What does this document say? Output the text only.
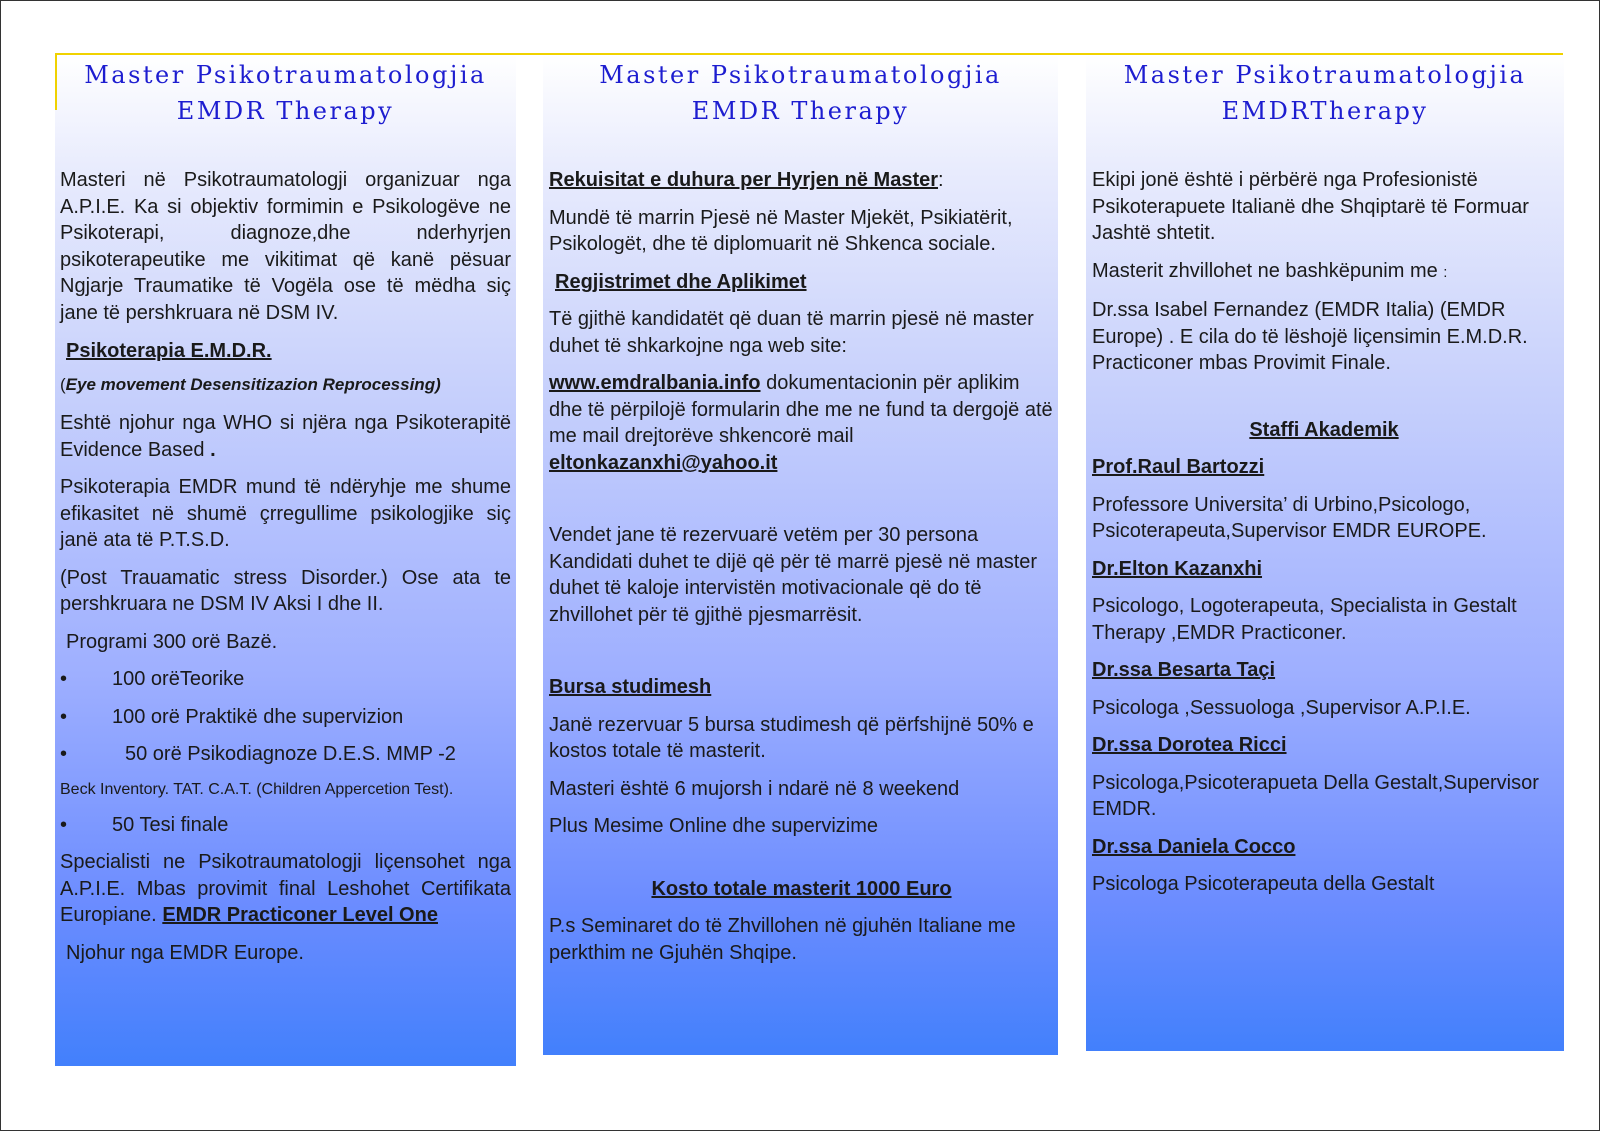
Master Psikotraumatologjia
EMDR Therapy

Masteri në Psikotraumatologji organizuar nga A.P.I.E. Ka si objektiv formimin e Psikologëve ne Psikoterapi, diagnoze,dhe nderhyrjen psikoterapeutike me vikitimat që kanë pësuar Ngjarje Traumatike të Vogëla ose të mëdha siç jane të pershkruara në DSM IV.

Psikoterapia E.M.D.R.

(Eye movement Desensitizazion Reprocessing)

Eshtë njohur nga WHO si njëra nga Psikoterapitë Evidence Based .

Psikoterapia EMDR mund të ndëryhje me shume efikasitet në shumë çrregullime psikologjike siç janë ata të P.T.S.D.

(Post Trauamatic stress Disorder.) Ose ata te pershkruara ne DSM IV Aksi I dhe II.

Programi 300 orë Bazë.

•	100 orëTeorike
•	100 orë Praktikë dhe supervizion
•	50 orë Psikodiagnoze D.E.S. MMP -2

Beck Inventory. TAT. C.A.T. (Children Appercetion Test).

•	50 Tesi finale

Specialisti ne Psikotraumatologji liçensohet nga A.P.I.E. Mbas provimit final Leshohet Certifikata Europiane. EMDR Practiconer Level One

Njohur nga EMDR Europe.

Master Psikotraumatologjia
EMDR Therapy

Rekuisitat e duhura per Hyrjen në Master:

Mundë të marrin Pjesë në Master Mjekët, Psikiatërit, Psikologët, dhe të diplomuarit në Shkenca sociale.

Regjistrimet dhe Aplikimet

Të gjithë kandidatët që duan të marrin pjesë në master duhet të shkarkojne nga web site:

www.emdralbania.info dokumentacionin për aplikim dhe të përpilojë formularin dhe me ne fund ta dergojë atë me mail drejtorëve shkencorë mail eltonkazanxhi@yahoo.it

Vendet jane të rezervuarë vetëm per 30 persona Kandidati duhet te dijë që për të marrë pjesë në master duhet të kaloje intervistën motivacionale që do të zhvillohet për të gjithë pjesmarrësit.

Bursa studimesh

Janë rezervuar 5 bursa studimesh që përfshijnë 50% e kostos totale të masterit.

Masteri është 6 mujorsh i ndarë në 8 weekend

Plus Mesime Online dhe supervizime

Kosto totale masterit 1000 Euro

P.s Seminaret do të Zhvillohen në gjuhën Italiane me perkthim ne Gjuhën Shqipe.

Master Psikotraumatologjia
EMDRTherapy

Ekipi jonë është i përbërë nga Profesionistë Psikoterapuete Italianë dhe Shqiptarë të Formuar Jashtë shtetit.

Masterit zhvillohet ne bashkëpunim me :

Dr.ssa Isabel Fernandez (EMDR Italia) (EMDR Europe) . E cila do të lëshojë liçensimin E.M.D.R. Practiconer mbas Provimit Finale.

Staffi Akademik

Prof.Raul Bartozzi

Professore Universita’ di Urbino,Psicologo, Psicoterapeuta,Supervisor EMDR EUROPE.

Dr.Elton Kazanxhi

Psicologo, Logoterapeuta, Specialista in Gestalt Therapy ,EMDR Practiconer.

Dr.ssa Besarta Taçi

Psicologa ,Sessuologa ,Supervisor A.P.I.E.

Dr.ssa Dorotea Ricci

Psicologa,Psicoterapueta Della Gestalt,Supervisor EMDR.

Dr.ssa Daniela Cocco

Psicologa Psicoterapeuta della Gestalt
